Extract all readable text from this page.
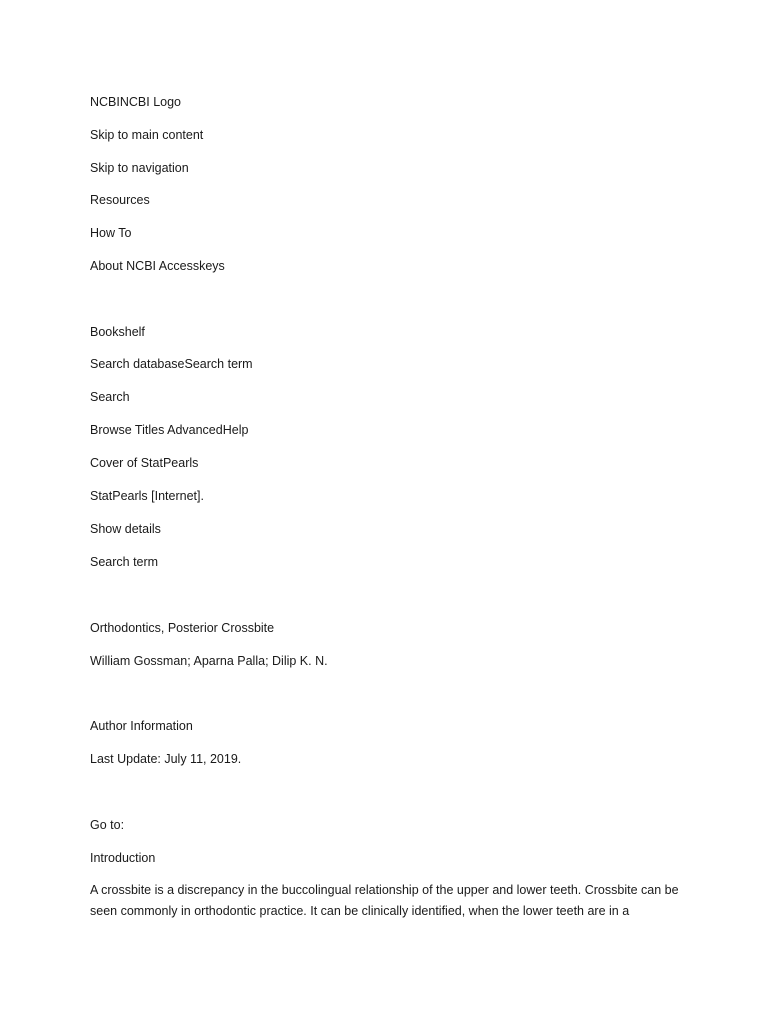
NCBINCBI Logo
Skip to main content
Skip to navigation
Resources
How To
About NCBI Accesskeys
Bookshelf
Search databaseSearch term
Search
Browse Titles AdvancedHelp
Cover of StatPearls
StatPearls [Internet].
Show details
Search term
Orthodontics, Posterior Crossbite
William Gossman; Aparna Palla; Dilip K. N.
Author Information
Last Update: July 11, 2019.
Go to:
Introduction
A crossbite is a discrepancy in the buccolingual relationship of the upper and lower teeth. Crossbite can be seen commonly in orthodontic practice. It can be clinically identified, when the lower teeth are in a
